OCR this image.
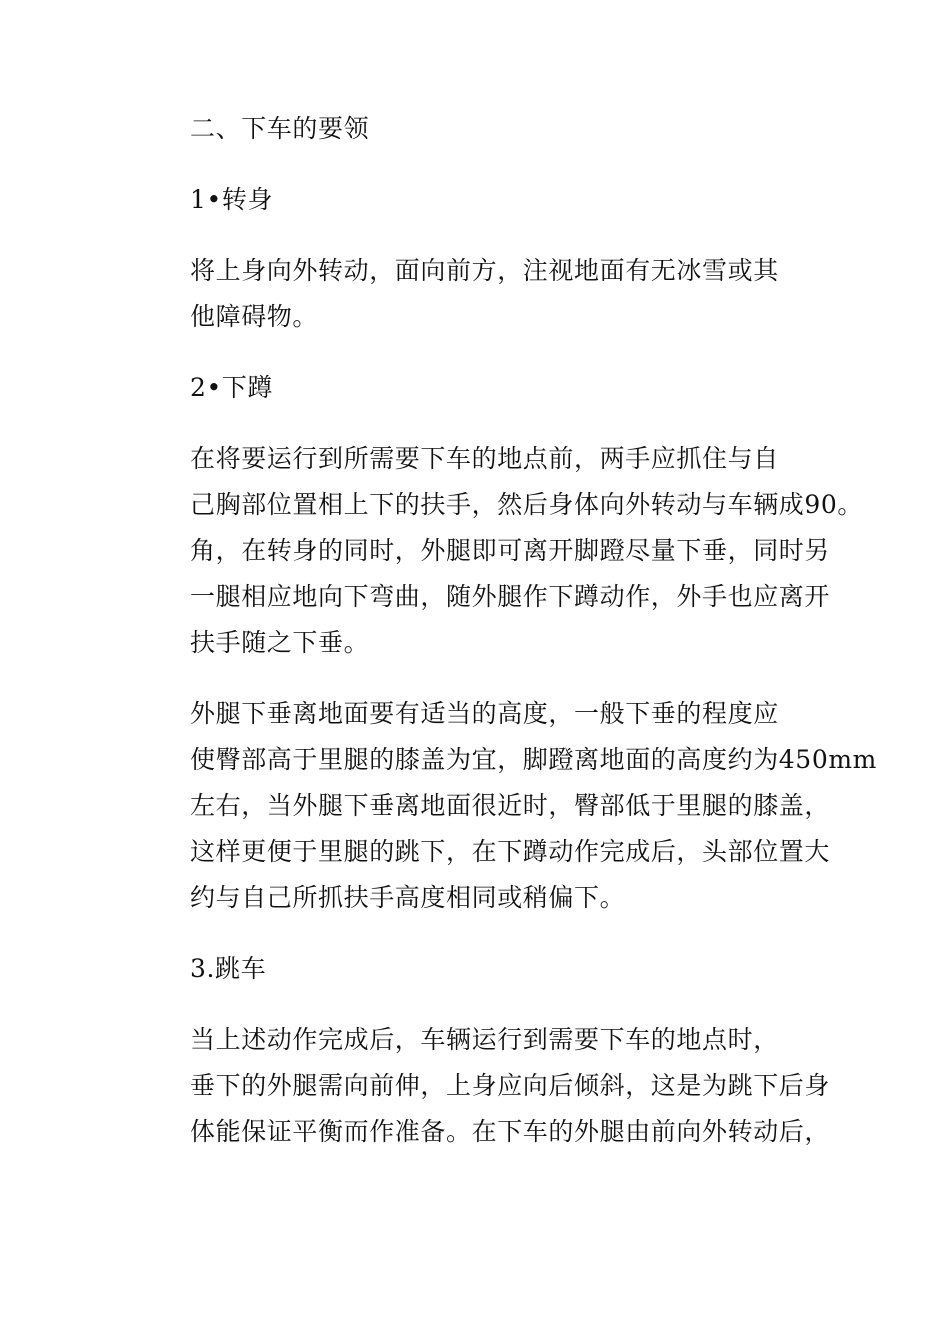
二、下车的要领

1•转身

将上身向外转动，面向前方，注视地面有无冰雪或其
他障碍物。

2•下蹲

在将要运行到所需要下车的地点前，两手应抓住与自
己胸部位置相上下的扶手，然后身体向外转动与车辆成90。
角，在转身的同时，外腿即可离开脚蹬尽量下垂，同时另
一腿相应地向下弯曲，随外腿作下蹲动作，外手也应离开
扶手随之下垂。

外腿下垂离地面要有适当的高度，一般下垂的程度应
使臀部高于里腿的膝盖为宜，脚蹬离地面的高度约为450mm
左右，当外腿下垂离地面很近时，臀部低于里腿的膝盖，
这样更便于里腿的跳下，在下蹲动作完成后，头部位置大
约与自己所抓扶手高度相同或稍偏下。

3.跳车

当上述动作完成后，车辆运行到需要下车的地点时，
垂下的外腿需向前伸，上身应向后倾斜，这是为跳下后身
体能保证平衡而作准备。在下车的外腿由前向外转动后，
